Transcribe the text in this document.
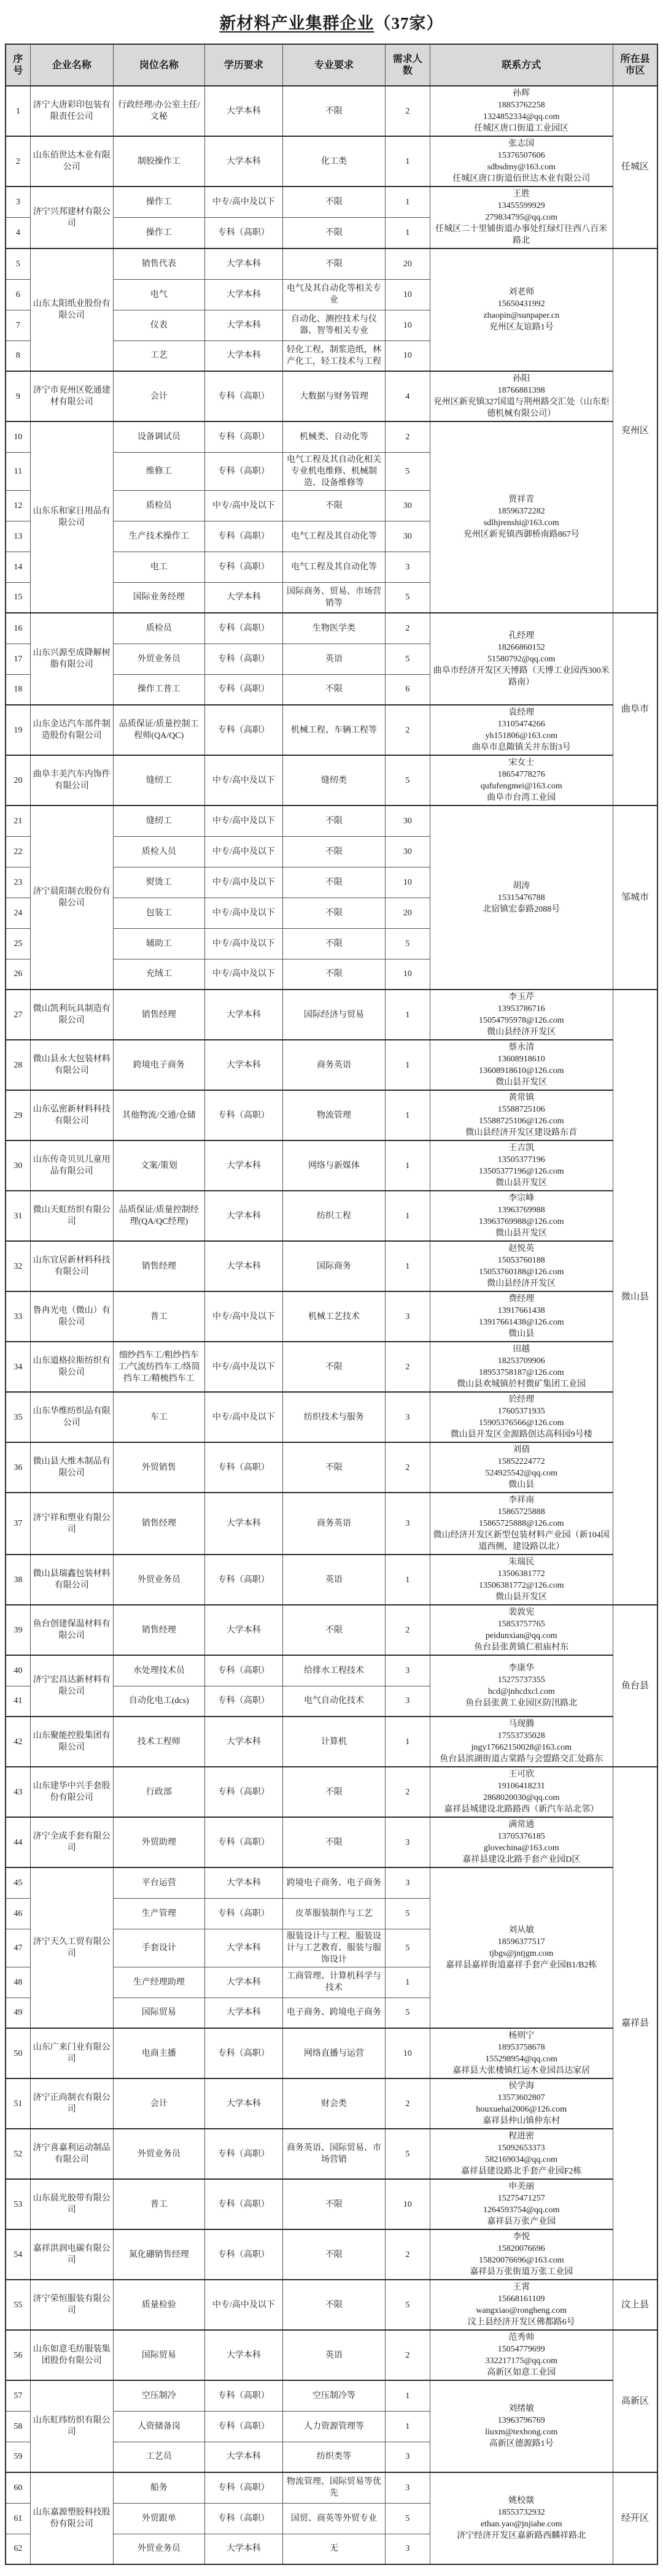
新材料产业集群企业（37家）
序号	企业名称	岗位名称	学历要求	专业要求	需求人数	联系方式	所在县市区
1	济宁大唐彩印包装有限责任公司	行政经理/办公室主任/文秘	大学本科	不限	2	孙辉
18853762258
1324852334@qq.com
任城区唐口街道工业园区	任城区
2	山东佰世达木业有限公司	制胶操作工	大学本科	化工类	1	张志国
15376507606
sdbsdmy@163.com
任城区唐口街道佰世达木业有限公司	

3	济宁兴邦建材有限公司	操作工	中专/高中及以下	不限	1	王胜
13455599929
279834795@qq.com
任城区二十里铺街道办事处红绿灯往西八百米路北	

4		操作工	专科（高职）	不限	1		
5	山东太阳纸业股份有限公司	销售代表	大学本科	不限	20	刘老师
15650431992
zhaopin@sunpaper.cn
兖州区友谊路1号	兖州区
6		电气	大学本科	电气及其自动化等相关专业	10		
7		仪表	大学本科	自动化、测控技术与仪器、智等相关专业	10		
8		工艺	大学本科	轻化工程，制浆造纸，林产化工，轻工技术与工程	10		
9	济宁市兖州区乾通建材有限公司	会计	专科（高职）	大数据与财务管理	4	孙阳
18766881398
兖州区新兖镇327国道与荆州路交汇处（山东炬德机械有限公司）	

10	山东乐和家日用品有限公司	设备调试员	专科（高职）	机械类、自动化等	2	贾祥青
18596372282
sdlhjrenshi@163.com
兖州区新兖镇西御桥南路867号	

11		维修工	专科（高职）	电气工程及其自动化相关专业机电维修、机械制造、设备维修等	5		
12		质检员	中专/高中及以下	不限	30		
13		生产技术操作工	专科（高职）	电气工程及其自动化等	30		
14		电工	专科（高职）	电气工程及其自动化等	3		
15		国际业务经理	大学本科	国际商务、贸易、市场营销等	5		
16	山东兴源至成降解树脂有限公司	质检员	专科（高职）	生物医学类	2	孔经理
18266860152
51580792@qq.com
曲阜市经济开发区天博路（天博工业园西300米路南）	曲阜市
17		外贸业务员	专科（高职）	英语	5		
18		操作工普工	专科（高职）	不限	6		
19	山东金达汽车部件制造股份有限公司	品质保证/质量控制工程师(QA/QC)	专科（高职）	机械工程、车辆工程等	2	袁经理
13105474266
yh151806@163.com
曲阜市息陬镇关井东街3号	

20	曲阜丰美汽车内饰件有限公司	缝纫工	中专/高中及以下	缝纫类	5	宋女士
18654778276
qufufengmei@163.com
曲阜市台湾工业园	

21	济宁晨阳制衣股份有限公司	缝纫工	中专/高中及以下	不限	30	胡涛
15315476788
北宿镇宏泰路2088号	邹城市
22		质检人员	中专/高中及以下	不限	30		
23		熨烫工	中专/高中及以下	不限	10		
24		包装工	中专/高中及以下	不限	20		
25		辅助工	中专/高中及以下	不限	5		
26		充绒工	中专/高中及以下	不限	10		
27	微山凯利玩具制造有限公司	销售经理	大学本科	国际经济与贸易	1	李玉芹
13953786716
15054795978@126.com
微山县经济开发区	微山县
28	微山县永大包装材料有限公司	跨境电子商务	大学本科	商务英语	1	蔡永清
13608918610
13608918610@126.com
微山县开发区	

29	山东弘密新材料科技有限公司	其他物流/交通/仓储	专科（高职）	物流管理	1	黄常镇
15588725106
15588725106@126.com
微山县经济开发区建设路东首	

30	山东传奇贝贝儿童用品有限公司	文案/策划	大学本科	网络与新媒体	1	王吉凯
13505377196
13505377196@126.com
微山县开发区	

31	微山天虹纺织有限公司	品质保证/质量控制经理(QA/QC经理)	大学本科	纺织工程	1	李宗峰
13963769988
13963769988@126.com
微山县开发区	

32	山东宜居新材料科技有限公司	销售经理	大学本科	国际商务	1	赵悦英
15053760188
15053760188@126.com
微山县经济开发区	

33	鲁冉光电（微山）有限公司	普工	中专/高中及以下	机械工艺技术	3	费经理
13917661438
13917661438@126.com
微山县	

34	山东道格拉斯纺织有限公司	细纱挡车工/粗纱挡车工/气流纺挡车工/络筒挡车工/精梳挡车工	中专/高中及以下	不限	2	田越
18253709906
18953758187@126.com
微山县欢城镇於村微矿集团工业园	

35	山东华维纺织品有限公司	车工	中专/高中及以下	纺织技术与服务	3	於经理
17605371935
15905376566@126.com
微山县开发区金源路创达高科园9号楼	

36	微山县大维木制品有限公司	外贸销售	专科（高职）	不限	2	刘倩
15852224772
524925542@qq.com
微山县	

37	济宁祥和塑业有限公司	销售经理	大学本科	商务英语	3	李祥南
15865725888
15865725888@126.com
微山经济开发区新型包装材料产业园（新104国道西侧，建设路以北）	

38	微山县瑞鑫包装材料有限公司	外贸业务员	专科（高职）	英语	1	朱瑞民
13506381772
13506381772@126.com
微山县开发区	

39	鱼台创建保温材料有限公司	销售经理	大学本科	不限	2	裴敦宪
15853757765
peidunxian@qq.com
鱼台县张黄镇仁祖庙村东	鱼台县
40	济宁宏昌达新材料有限公司	水处理技术员	专科（高职）	给排水工程技术	3	李康华
15275737355
hcd@jnhcdxcl.com
鱼台县张黄工业园区防汛路北	

41		自动化电工(dcs)	专科（高职）	电气自动化技术	3		
42	山东聚能控股集团有限公司	技术工程师	大学本科	计算机	1	马现腾
17553735028
jngy17662150028@163.com
鱼台县滨湖街道古棠路与会盟路交汇处路东	

43	山东建华中兴手套股份有限公司	行政部	专科（高职）	不限	2	王可欣
19106418231
2868020030@qq.com
嘉祥县城建设北路路西（新汽车站北邻）	嘉祥县
44	济宁全成手套有限公司	外贸助理	专科（高职）	不限	3	满常通
13705376185
glovechina@163.com
嘉祥县建设北路手套产业园D区	

45	济宁天久工贸有限公司	平台运营	大学本科	跨境电子商务、电子商务	3	刘从敏
18596377517
tjbgs@jntjgm.com
嘉祥县嘉祥街道嘉祥手套产业园B1/B2栋	

46		生产管理	专科（高职）	皮革服装制作与工艺	5		
47		手套设计	大学本科	服装设计与工程、服装设计与工艺教育、服装与服饰设计	5		
48		生产经理助理	大学本科	工商管理、计算机科学与技术	1		
49		国际贸易	大学本科	电子商务、跨境电子商务	5		
50	山东广来门业有限公司	电商主播	专科（高职）	网络直播与运营	10	杨则宁
18953758678
155298954@qq.com
嘉祥县大张楼镇红运木业园昌达家居	

51	济宁正尚制衣有限公司	会计	大学本科	财会类	2	侯学海
13573602807
houxuehai2006@126.com
嘉祥县仲山镇仲东村	

52	济宁喜嘉利运动制品有限公司	外贸业务员	专科（高职）	商务英语、国际贸易、市场营销	5	程进密
15092653373
582169034@qq.com
嘉祥县建设路北手套产业园F2栋	

53	山东晨光胶带有限公司	普工	专科（高职）	不限	10	申美丽
15275471257
1264593754@qq.com
嘉祥县万张产业园	

54	嘉祥洪润电碳有限公司	氮化硼销售经理	专科（高职）	不限	2	李悦
15820076696
15820076696@163.com
嘉祥县万张街道万张工业园	

55	济宁荣恒服装有限公司	质量检验	中专/高中及以下	不限	5	王霄
15668161109
wangxiao@rongheng.com
汶上县经济开发区佛都路6号	汶上县
56	山东如意毛纺服装集团股份有限公司	国际贸易	大学本科	英语	2	范秀帅
15054779699
332217175@qq.com
高新区如意工业园	高新区
57	山东虹纬纺织有限公司	空压制冷	专科（高职）	空压制冷等	1	刘绪敏
13963796769
liuxm@texhong.com
高新区德源路1号	

58		人资储备岗	专科（高职）	人力资源管理等	1		
59		工艺员	大学本科	纺织类等	3		
60	山东嘉源塑胶科技股份有限公司	船务	专科（高职）	物流管理、国际贸易等优先	3	姚校燚
18553732932
ethan.yao@jnjiahe.com
济宁经济开发区嘉新路西麟祥路北	经开区
61		外贸跟单	专科（高职）	国贸、商英等外贸专业	5		
62		外贸业务员	大学本科	无	3		
